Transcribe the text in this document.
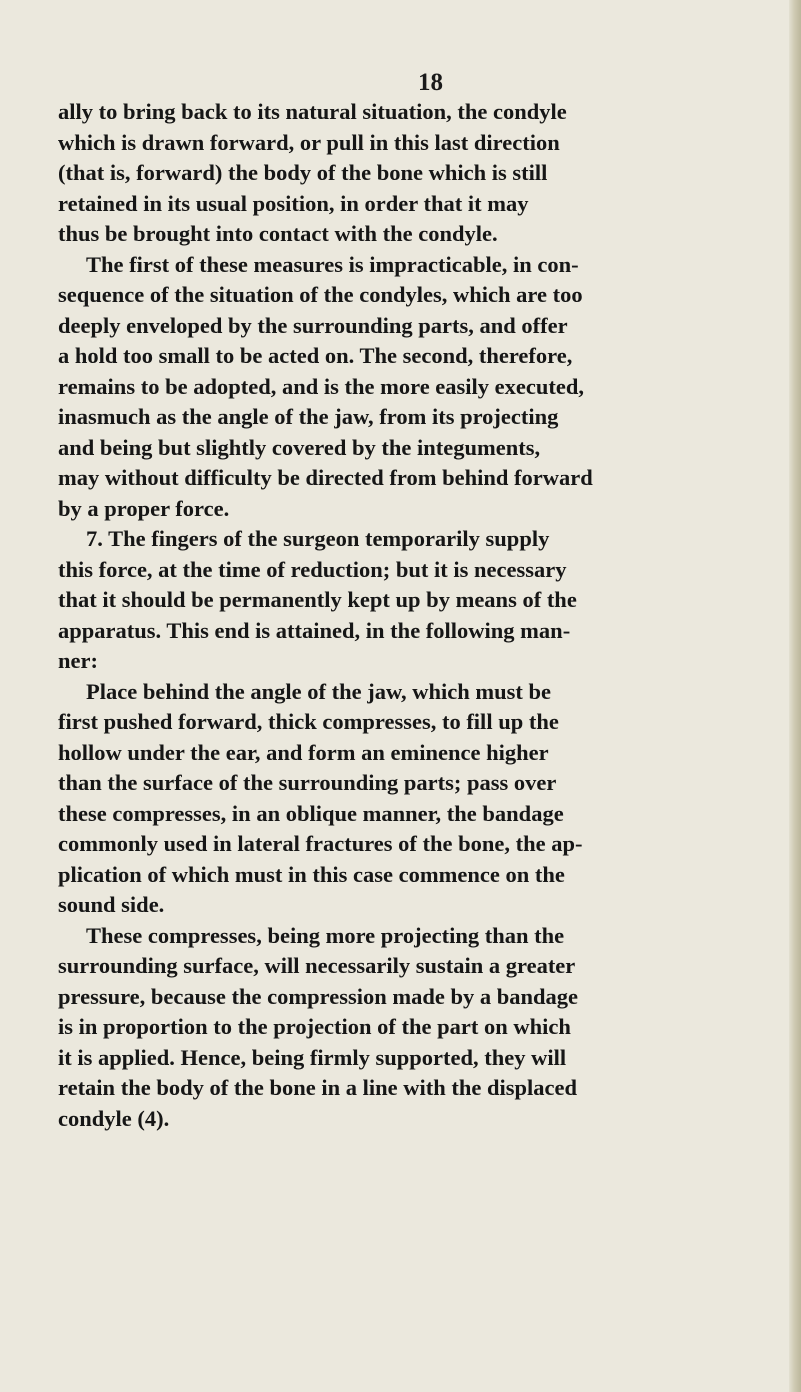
18
ally to bring back to its natural situation, the condyle
which is drawn forward, or pull in this last direction
(that is, forward) the body of the bone which is still
retained in its usual position, in order that it may
thus be brought into contact with the condyle.
The first of these measures is impracticable, in con-
sequence of the situation of the condyles, which are too
deeply enveloped by the surrounding parts, and offer
a hold too small to be acted on. The second, therefore,
remains to be adopted, and is the more easily executed,
inasmuch as the angle of the jaw, from its projecting
and being but slightly covered by the integuments,
may without difficulty be directed from behind forward
by a proper force.
7. The fingers of the surgeon temporarily supply
this force, at the time of reduction; but it is necessary
that it should be permanently kept up by means of the
apparatus. This end is attained, in the following man-
ner:
Place behind the angle of the jaw, which must be
first pushed forward, thick compresses, to fill up the
hollow under the ear, and form an eminence higher
than the surface of the surrounding parts; pass over
these compresses, in an oblique manner, the bandage
commonly used in lateral fractures of the bone, the ap-
plication of which must in this case commence on the
sound side.
These compresses, being more projecting than the
surrounding surface, will necessarily sustain a greater
pressure, because the compression made by a bandage
is in proportion to the projection of the part on which
it is applied. Hence, being firmly supported, they will
retain the body of the bone in a line with the displaced
condyle (4).
